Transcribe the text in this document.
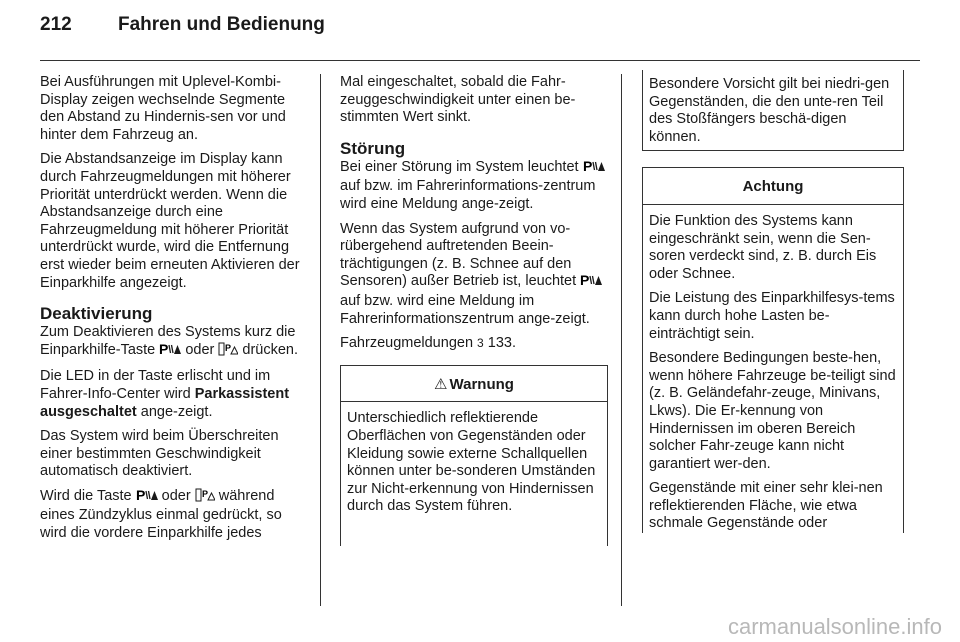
212	Fahren und Bedienung

Bei Ausführungen mit Uplevel-Kombi-Display zeigen wechselnde Segmente den Abstand zu Hindernis-sen vor und hinter dem Fahrzeug an.

Die Abstandsanzeige im Display kann durch Fahrzeugmeldungen mit höherer Priorität unterdrückt werden. Wenn die Abstandsanzeige durch eine Fahrzeugmeldung mit höherer Priorität unterdrückt wurde, wird die Entfernung erst wieder beim erneuten Aktivieren der Einparkhilfe angezeigt.

Deaktivierung

Zum Deaktivieren des Systems kurz die Einparkhilfe-Taste P oder P drücken.

Die LED in der Taste erlischt und im Fahrer-Info-Center wird Parkassistent ausgeschaltet ange-zeigt.

Das System wird beim Überschreiten einer bestimmten Geschwindigkeit automatisch deaktiviert.

Wird die Taste P oder P während eines Zündzyklus einmal gedrückt, so wird die vordere Einparkhilfe jedes

Mal eingeschaltet, sobald die Fahr-zeuggeschwindigkeit unter einen be-stimmten Wert sinkt.

Störung

Bei einer Störung im System leuchtet P
auf bzw. im Fahrerinformations-zentrum wird eine Meldung ange-zeigt.

Wenn das System aufgrund von vo-rübergehend auftretenden Beein-trächtigungen (z. B. Schnee auf den Sensoren) außer Betrieb ist, leuchtet P
auf bzw. wird eine Meldung im Fahrerinformationszentrum ange-zeigt.

Fahrzeugmeldungen 3 133.

⚠ Warnung

Unterschiedlich reflektierende Oberflächen von Gegenständen oder Kleidung sowie externe Schallquellen können unter be-sonderen Umständen zur Nicht-erkennung von Hindernissen durch das System führen.

Besondere Vorsicht gilt bei niedri-gen Gegenständen, die den unte-ren Teil des Stoßfängers beschä-digen können.

Achtung

Die Funktion des Systems kann eingeschränkt sein, wenn die Sen-soren verdeckt sind, z. B. durch Eis oder Schnee.

Die Leistung des Einparkhilfesys-tems kann durch hohe Lasten be-einträchtigt sein.

Besondere Bedingungen beste-hen, wenn höhere Fahrzeuge be-teiligt sind (z. B. Geländefahr-zeuge, Minivans, Lkws). Die Er-kennung von Hindernissen im oberen Bereich solcher Fahr-zeuge kann nicht garantiert wer-den.

Gegenstände mit einer sehr klei-nen reflektierenden Fläche, wie etwa schmale Gegenstände oder

carmanualsonline.info
